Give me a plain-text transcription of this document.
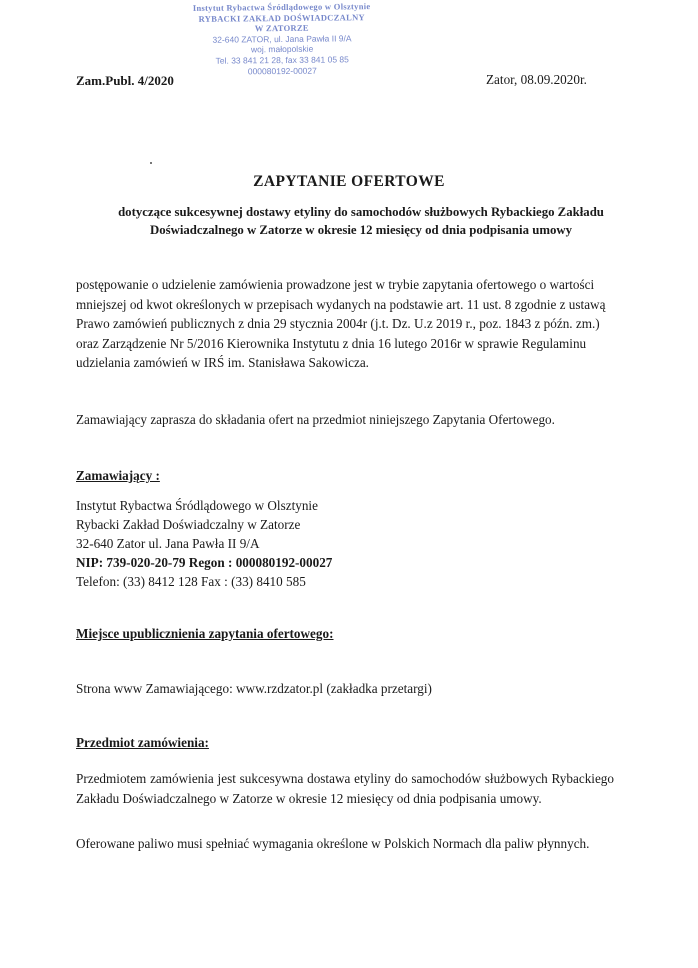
Instytut Rybactwa Śródlądowego w Olsztynie
RYBACKI ZAKŁAD DOŚWIADCZALNY
W ZATORZE
32-640 ZATOR, ul. Jana Pawła II 9/A
woj. małopolskie
Tel. 33 841 21 28, fax 33 841 05 85
000080192-00027
Zam.Publ. 4/2020	Zator, 08.09.2020r.
ZAPYTANIE OFERTOWE
dotyczące sukcesywnej dostawy etyliny do samochodów służbowych Rybackiego Zakładu Doświadczalnego w Zatorze w okresie 12 miesięcy od dnia podpisania umowy
postępowanie o udzielenie zamówienia prowadzone jest w trybie zapytania ofertowego o wartości mniejszej od kwot określonych w przepisach wydanych na podstawie art. 11 ust. 8 zgodnie z ustawą Prawo zamówień publicznych z dnia 29 stycznia 2004r (j.t. Dz. U.z 2019 r., poz. 1843 z późn. zm.) oraz Zarządzenie Nr 5/2016 Kierownika Instytutu z dnia 16 lutego 2016r w sprawie Regulaminu udzielania zamówień w IRŚ im. Stanisława Sakowicza.
Zamawiający zaprasza do składania ofert na przedmiot niniejszego Zapytania Ofertowego.
Zamawiający :
Instytut Rybactwa Śródlądowego w Olsztynie
Rybacki Zakład Doświadczalny w Zatorze
32-640 Zator ul. Jana Pawła II 9/A
NIP: 739-020-20-79 Regon : 000080192-00027
Telefon: (33) 8412 128 Fax : (33) 8410 585
Miejsce upublicznienia zapytania ofertowego:
Strona www Zamawiającego: www.rzdzator.pl (zakładka przetargi)
Przedmiot zamówienia:
Przedmiotem zamówienia jest sukcesywna dostawa etyliny do samochodów służbowych Rybackiego Zakładu Doświadczalnego w Zatorze w okresie 12 miesięcy od dnia podpisania umowy.
Oferowane paliwo musi spełniać wymagania określone w Polskich Normach dla paliw płynnych.
